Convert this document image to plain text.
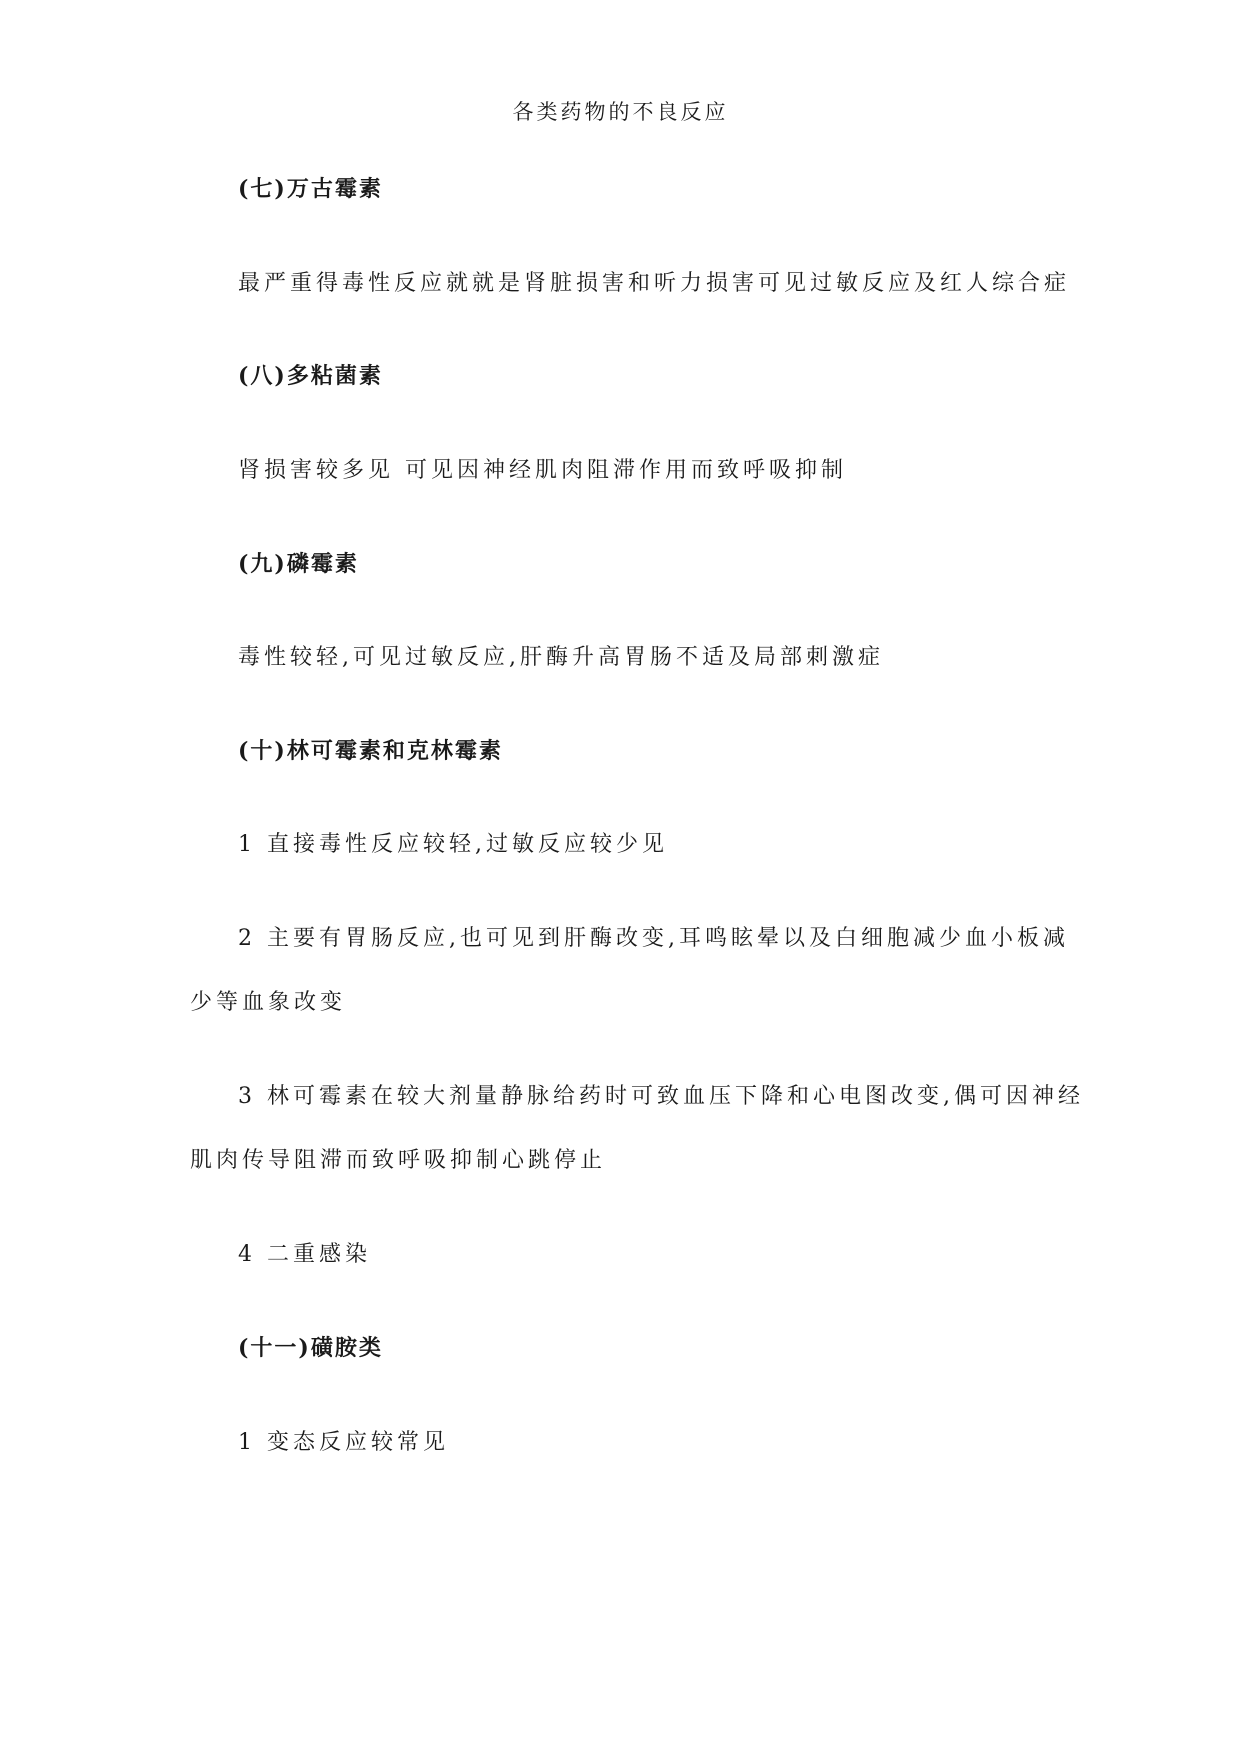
各类药物的不良反应
(七)万古霉素
最严重得毒性反应就就是肾脏损害和听力损害可见过敏反应及红人综合症
(八)多粘菌素
肾损害较多见 可见因神经肌肉阻滞作用而致呼吸抑制
(九)磷霉素
毒性较轻,可见过敏反应,肝酶升高胃肠不适及局部刺激症
(十)林可霉素和克林霉素
1 直接毒性反应较轻,过敏反应较少见
2 主要有胃肠反应,也可见到肝酶改变,耳鸣眩晕以及白细胞减少血小板减
少等血象改变
3 林可霉素在较大剂量静脉给药时可致血压下降和心电图改变,偶可因神经
肌肉传导阻滞而致呼吸抑制心跳停止
4 二重感染
(十一)磺胺类
1 变态反应较常见
